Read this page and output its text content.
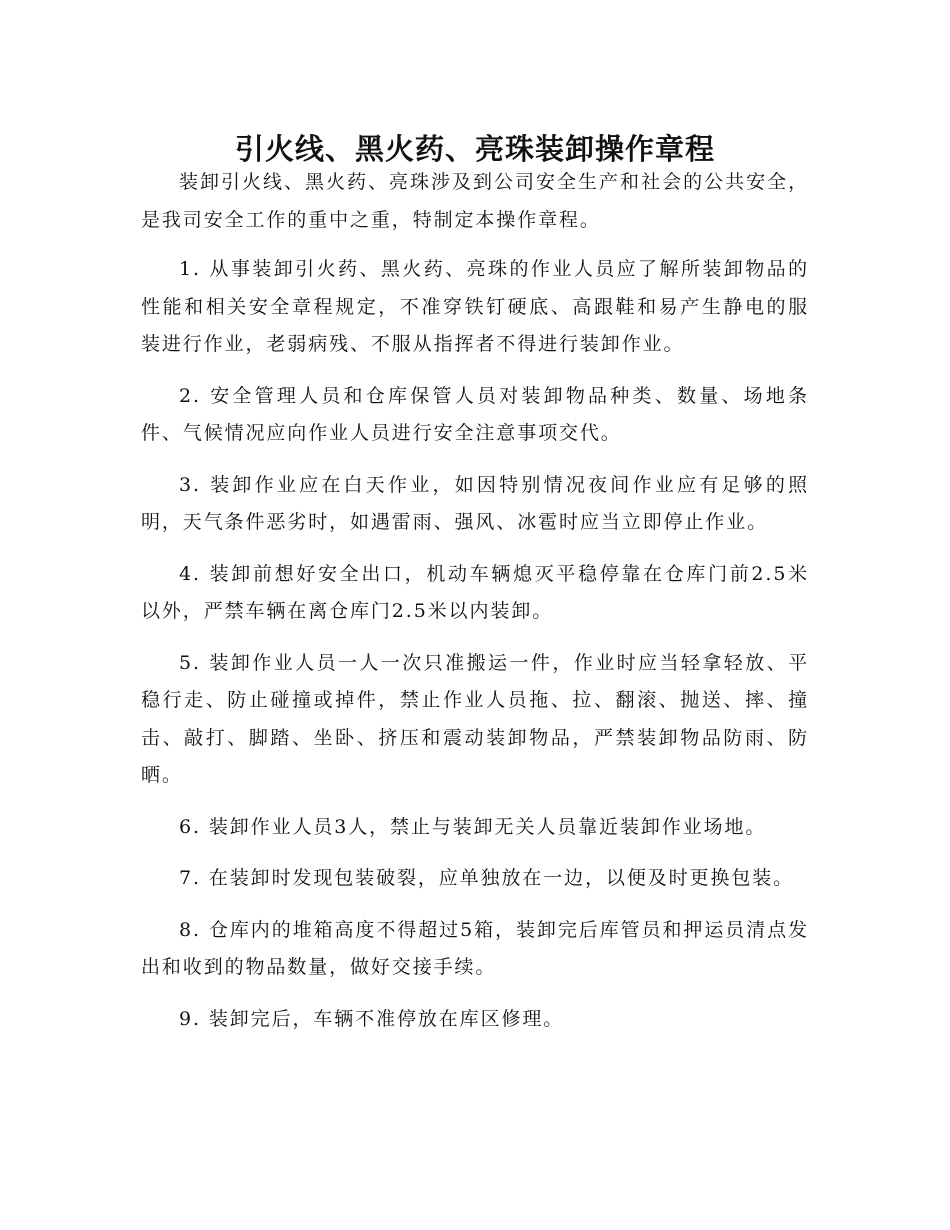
引火线、黑火药、亮珠装卸操作章程

装卸引火线、黑火药、亮珠涉及到公司安全生产和社会的公共安全，是我司安全工作的重中之重，特制定本操作章程。

1. 从事装卸引火药、黑火药、亮珠的作业人员应了解所装卸物品的性能和相关安全章程规定，不准穿铁钉硬底、高跟鞋和易产生静电的服装进行作业，老弱病残、不服从指挥者不得进行装卸作业。

2. 安全管理人员和仓库保管人员对装卸物品种类、数量、场地条件、气候情况应向作业人员进行安全注意事项交代。

3. 装卸作业应在白天作业，如因特别情况夜间作业应有足够的照明，天气条件恶劣时，如遇雷雨、强风、冰雹时应当立即停止作业。

4. 装卸前想好安全出口，机动车辆熄灭平稳停靠在仓库门前2.5米以外，严禁车辆在离仓库门2.5米以内装卸。

5. 装卸作业人员一人一次只准搬运一件，作业时应当轻拿轻放、平稳行走、防止碰撞或掉件，禁止作业人员拖、拉、翻滚、抛送、摔、撞击、敲打、脚踏、坐卧、挤压和震动装卸物品，严禁装卸物品防雨、防晒。

6. 装卸作业人员3人，禁止与装卸无关人员靠近装卸作业场地。

7. 在装卸时发现包装破裂，应单独放在一边，以便及时更换包装。

8. 仓库内的堆箱高度不得超过5箱，装卸完后库管员和押运员清点发出和收到的物品数量，做好交接手续。

9. 装卸完后，车辆不准停放在库区修理。
